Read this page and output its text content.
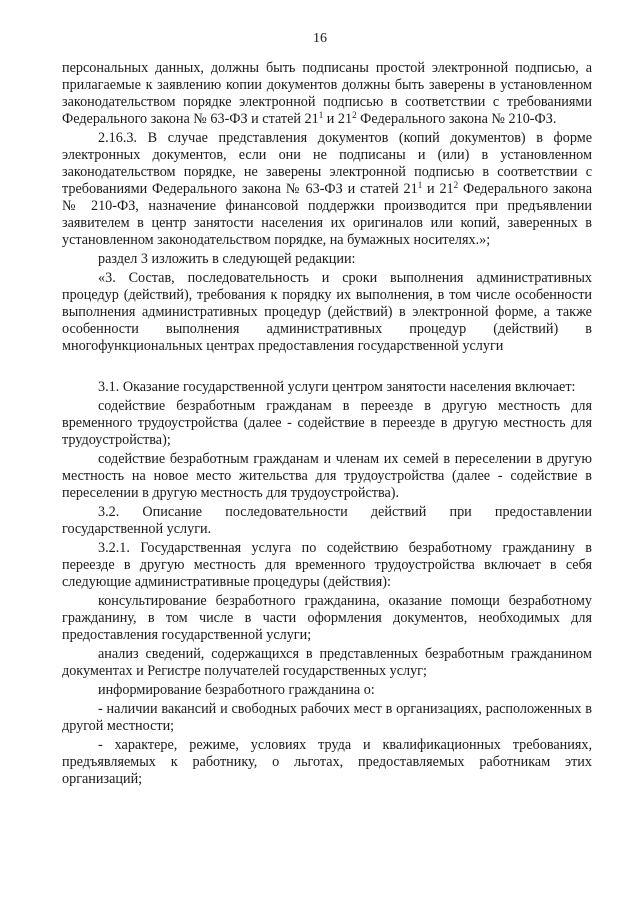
16

персональных данных, должны быть подписаны простой электронной подписью, а прилагаемые к заявлению копии документов должны быть заверены в установленном законодательством порядке электронной подписью в соответствии с требованиями Федерального закона № 63-ФЗ и статей $21^1$ и $21^2$ Федерального закона № 210-ФЗ.

2.16.3. В случае представления документов (копий документов) в форме электронных документов, если они не подписаны и (или) в установленном законодательством порядке, не заверены электронной подписью в соответствии с требованиями Федерального закона № 63-ФЗ и статей $21^1$ и $21^2$ Федерального закона № 210-ФЗ, назначение финансовой поддержки производится при предъявлении заявителем в центр занятости населения их оригиналов или копий, заверенных в установленном законодательством порядке, на бумажных носителях.»;

раздел 3 изложить в следующей редакции:

«3. Состав, последовательность и сроки выполнения административных процедур (действий), требования к порядку их выполнения, в том числе особенности выполнения административных процедур (действий) в электронной форме, а также особенности выполнения административных процедур (действий) в многофункциональных центрах предоставления государственной услуги

3.1. Оказание государственной услуги центром занятости населения включает:

содействие безработным гражданам в переезде в другую местность для временного трудоустройства (далее - содействие в переезде в другую местность для трудоустройства);

содействие безработным гражданам и членам их семей в переселении в другую местность на новое место жительства для трудоустройства (далее - содействие в переселении в другую местность для трудоустройства).

3.2. Описание последовательности действий при предоставлении государственной услуги.

3.2.1. Государственная услуга по содействию безработному гражданину в переезде в другую местность для временного трудоустройства включает в себя следующие административные процедуры (действия):

консультирование безработного гражданина, оказание помощи безработному гражданину, в том числе в части оформления документов, необходимых для предоставления государственной услуги;

анализ сведений, содержащихся в представленных безработным гражданином документах и Регистре получателей государственных услуг;

информирование безработного гражданина о:

- наличии вакансий и свободных рабочих мест в организациях, расположенных в другой местности;

- характере, режиме, условиях труда и квалификационных требованиях, предъявляемых к работнику, о льготах, предоставляемых работникам этих организаций;
